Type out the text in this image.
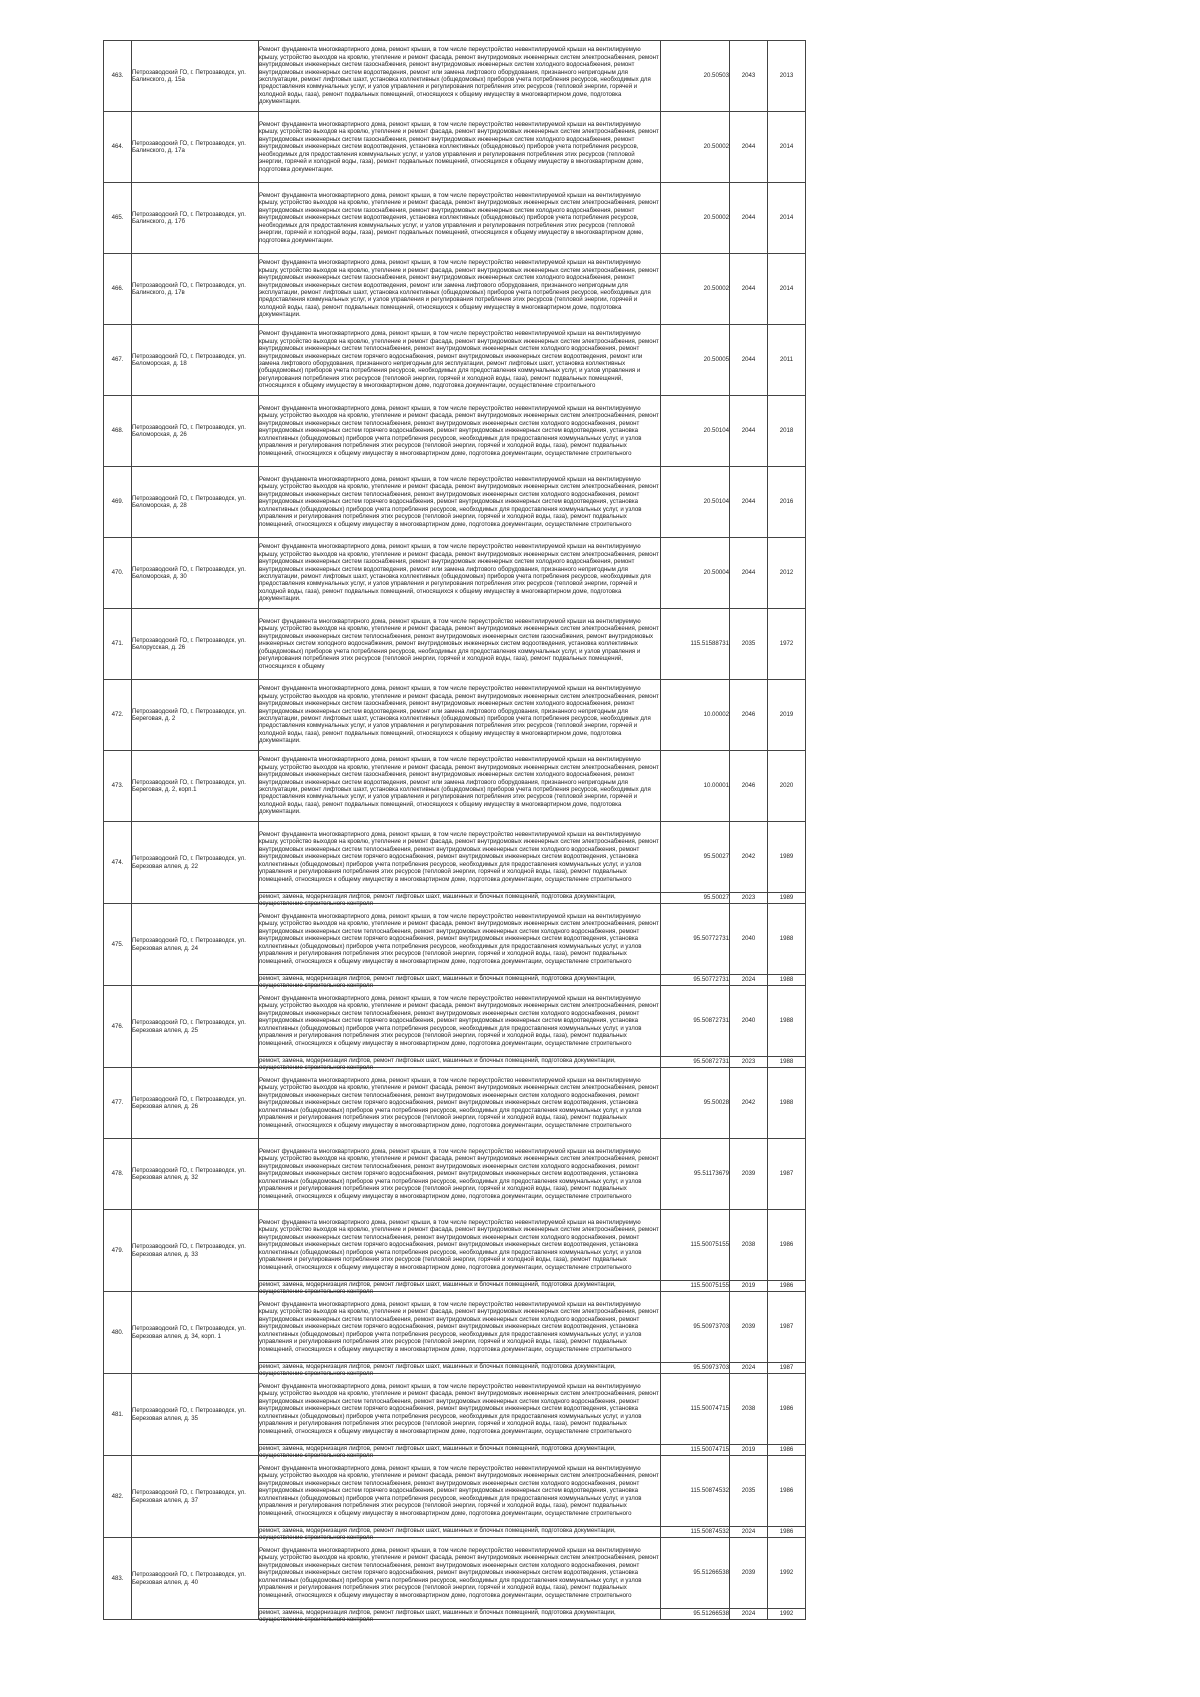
463.	Петрозаводский ГО, г. Петрозаводск, ул. Балинского, д. 15а	Ремонт фундамента многоквартирного дома, ремонт крыши, в том числе переустройство невентилируемой крыши на вентилируемую крышу, устройство выходов на кровлю, утепление и ремонт фасада, ремонт внутридомовых инженерных систем электроснабжения, ремонт внутридомовых инженерных систем газоснабжения, ремонт внутридомовых инженерных систем холодного водоснабжения, ремонт внутридомовых инженерных систем водоотведения, ремонт или замена лифтового оборудования, признанного непригодным для эксплуатации, ремонт лифтовых шахт, установка коллективных (общедомовых) приборов учета потребления ресурсов, необходимых для предоставления коммунальных услуг, и узлов управления и регулирования потребления этих ресурсов (тепловой энергии, горячей и холодной воды, газа), ремонт подвальных помещений, относящихся к общему имуществу в многоквартирном доме, подготовка документации.	20.50503	2043	2013
464.	Петрозаводский ГО, г. Петрозаводск, ул. Балинского, д. 17а	Ремонт фундамента многоквартирного дома, ремонт крыши, в том числе переустройство невентилируемой крыши на вентилируемую крышу, устройство выходов на кровлю, утепление и ремонт фасада, ремонт внутридомовых инженерных систем электроснабжения, ремонт внутридомовых инженерных систем газоснабжения, ремонт внутридомовых инженерных систем холодного водоснабжения, ремонт внутридомовых инженерных систем водоотведения, установка коллективных (общедомовых) приборов учета потребления ресурсов, необходимых для предоставления коммунальных услуг, и узлов управления и регулирования потребления этих ресурсов (тепловой энергии, горячей и холодной воды, газа), ремонт подвальных помещений, относящихся к общему имуществу в многоквартирном доме, подготовка документации.	20.50002	2044	2014
465.	Петрозаводский ГО, г. Петрозаводск, ул. Балинского, д. 17б	Ремонт фундамента многоквартирного дома, ремонт крыши, в том числе переустройство невентилируемой крыши на вентилируемую крышу, устройство выходов на кровлю, утепление и ремонт фасада, ремонт внутридомовых инженерных систем электроснабжения, ремонт внутридомовых инженерных систем газоснабжения, ремонт внутридомовых инженерных систем холодного водоснабжения, ремонт внутридомовых инженерных систем водоотведения, установка коллективных (общедомовых) приборов учета потребления ресурсов, необходимых для предоставления коммунальных услуг, и узлов управления и регулирования потребления этих ресурсов (тепловой энергии, горячей и холодной воды, газа), ремонт подвальных помещений, относящихся к общему имуществу в многоквартирном доме, подготовка документации.	20.50002	2044	2014
466.	Петрозаводский ГО, г. Петрозаводск, ул. Балинского, д. 17в	Ремонт фундамента многоквартирного дома, ремонт крыши, в том числе переустройство невентилируемой крыши на вентилируемую крышу, устройство выходов на кровлю, утепление и ремонт фасада, ремонт внутридомовых инженерных систем электроснабжения, ремонт внутридомовых инженерных систем газоснабжения, ремонт внутридомовых инженерных систем холодного водоснабжения, ремонт внутридомовых инженерных систем водоотведения, ремонт или замена лифтового оборудования, признанного непригодным для эксплуатации, ремонт лифтовых шахт, установка коллективных (общедомовых) приборов учета потребления ресурсов, необходимых для предоставления коммунальных услуг, и узлов управления и регулирования потребления этих ресурсов (тепловой энергии, горячей и холодной воды, газа), ремонт подвальных помещений, относящихся к общему имуществу в многоквартирном доме, подготовка документации.	20.50002	2044	2014
467.	Петрозаводский ГО, г. Петрозаводск, ул. Беломорская, д. 18	Ремонт фундамента многоквартирного дома, ремонт крыши, в том числе переустройство невентилируемой крыши на вентилируемую крышу, устройство выходов на кровлю, утепление и ремонт фасада, ремонт внутридомовых инженерных систем электроснабжения, ремонт внутридомовых инженерных систем теплоснабжения, ремонт внутридомовых инженерных систем холодного водоснабжения, ремонт внутридомовых инженерных систем горячего водоснабжения, ремонт внутридомовых инженерных систем водоотведения, ремонт или замена лифтового оборудования, признанного непригодным для эксплуатации, ремонт лифтовых шахт, установка коллективных (общедомовых) приборов учета потребления ресурсов, необходимых для предоставления коммунальных услуг, и узлов управления и регулирования потребления этих ресурсов (тепловой энергии, горячей и холодной воды, газа), ремонт подвальных помещений, относящихся к общему имуществу в многоквартирном доме, подготовка документации, осуществление строительного	20.50005	2044	2011
468.	Петрозаводский ГО, г. Петрозаводск, ул. Беломорская, д. 26	Ремонт фундамента многоквартирного дома, ремонт крыши, в том числе переустройство невентилируемой крыши на вентилируемую крышу, устройство выходов на кровлю, утепление и ремонт фасада, ремонт внутридомовых инженерных систем электроснабжения, ремонт внутридомовых инженерных систем теплоснабжения, ремонт внутридомовых инженерных систем холодного водоснабжения, ремонт внутридомовых инженерных систем горячего водоснабжения, ремонт внутридомовых инженерных систем водоотведения, установка коллективных (общедомовых) приборов учета потребления ресурсов, необходимых для предоставления коммунальных услуг, и узлов управления и регулирования потребления этих ресурсов (тепловой энергии, горячей и холодной воды, газа), ремонт подвальных помещений, относящихся к общему имуществу в многоквартирном доме, подготовка документации, осуществление строительного	20.50104	2044	2018
469.	Петрозаводский ГО, г. Петрозаводск, ул. Беломорская, д. 28	Ремонт фундамента многоквартирного дома, ремонт крыши, в том числе переустройство невентилируемой крыши на вентилируемую крышу, устройство выходов на кровлю, утепление и ремонт фасада, ремонт внутридомовых инженерных систем электроснабжения, ремонт внутридомовых инженерных систем теплоснабжения, ремонт внутридомовых инженерных систем холодного водоснабжения, ремонт внутридомовых инженерных систем горячего водоснабжения, ремонт внутридомовых инженерных систем водоотведения, установка коллективных (общедомовых) приборов учета потребления ресурсов, необходимых для предоставления коммунальных услуг, и узлов управления и регулирования потребления этих ресурсов (тепловой энергии, горячей и холодной воды, газа), ремонт подвальных помещений, относящихся к общему имуществу в многоквартирном доме, подготовка документации, осуществление строительного	20.50104	2044	2016
470.	Петрозаводский ГО, г. Петрозаводск, ул. Беломорская, д. 30	Ремонт фундамента многоквартирного дома, ремонт крыши, в том числе переустройство невентилируемой крыши на вентилируемую крышу, устройство выходов на кровлю, утепление и ремонт фасада, ремонт внутридомовых инженерных систем электроснабжения, ремонт внутридомовых инженерных систем газоснабжения, ремонт внутридомовых инженерных систем холодного водоснабжения, ремонт внутридомовых инженерных систем водоотведения, ремонт или замена лифтового оборудования, признанного непригодным для эксплуатации, ремонт лифтовых шахт, установка коллективных (общедомовых) приборов учета потребления ресурсов, необходимых для предоставления коммунальных услуг, и узлов управления и регулирования потребления этих ресурсов (тепловой энергии, горячей и холодной воды, газа), ремонт подвальных помещений, относящихся к общему имуществу в многоквартирном доме, подготовка документации.	20.50004	2044	2012
471.	Петрозаводский ГО, г. Петрозаводск, ул. Белорусская, д. 26	Ремонт фундамента многоквартирного дома, ремонт крыши, в том числе переустройство невентилируемой крыши на вентилируемую крышу, устройство выходов на кровлю, утепление и ремонт фасада, ремонт внутридомовых инженерных систем электроснабжения, ремонт внутридомовых инженерных систем теплоснабжения, ремонт внутридомовых инженерных систем газоснабжения, ремонт внутридомовых инженерных систем холодного водоснабжения, ремонт внутридомовых инженерных систем водоотведения, установка коллективных (общедомовых) приборов учета потребления ресурсов, необходимых для предоставления коммунальных услуг, и узлов управления и регулирования потребления этих ресурсов (тепловой энергии, горячей и холодной воды, газа), ремонт подвальных помещений, относящихся к общему	115.51588731	2035	1972
472.	Петрозаводский ГО, г. Петрозаводск, ул. Береговая, д. 2	Ремонт фундамента многоквартирного дома, ремонт крыши, в том числе переустройство невентилируемой крыши на вентилируемую крышу, устройство выходов на кровлю, утепление и ремонт фасада, ремонт внутридомовых инженерных систем электроснабжения, ремонт внутридомовых инженерных систем газоснабжения, ремонт внутридомовых инженерных систем холодного водоснабжения, ремонт внутридомовых инженерных систем водоотведения, ремонт или замена лифтового оборудования, признанного непригодным для эксплуатации, ремонт лифтовых шахт, установка коллективных (общедомовых) приборов учета потребления ресурсов, необходимых для предоставления коммунальных услуг, и узлов управления и регулирования потребления этих ресурсов (тепловой энергии, горячей и холодной воды, газа), ремонт подвальных помещений, относящихся к общему имуществу в многоквартирном доме, подготовка документации.	10.00002	2046	2019
473.	Петрозаводский ГО, г. Петрозаводск, ул. Береговая, д. 2, корп.1	Ремонт фундамента многоквартирного дома, ремонт крыши, в том числе переустройство невентилируемой крыши на вентилируемую крышу, устройство выходов на кровлю, утепление и ремонт фасада, ремонт внутридомовых инженерных систем электроснабжения, ремонт внутридомовых инженерных систем газоснабжения, ремонт внутридомовых инженерных систем холодного водоснабжения, ремонт внутридомовых инженерных систем водоотведения, ремонт или замена лифтового оборудования, признанного непригодным для эксплуатации, ремонт лифтовых шахт, установка коллективных (общедомовых) приборов учета потребления ресурсов, необходимых для предоставления коммунальных услуг, и узлов управления и регулирования потребления этих ресурсов (тепловой энергии, горячей и холодной воды, газа), ремонт подвальных помещений, относящихся к общему имуществу в многоквартирном доме, подготовка документации.	10.00001	2046	2020
474.	Петрозаводский ГО, г. Петрозаводск, ул. Березовая аллея, д. 22	Ремонт фундамента многоквартирного дома, ремонт крыши, в том числе переустройство невентилируемой крыши на вентилируемую крышу, устройство выходов на кровлю, утепление и ремонт фасада, ремонт внутридомовых инженерных систем электроснабжения, ремонт внутридомовых инженерных систем теплоснабжения, ремонт внутридомовых инженерных систем холодного водоснабжения, ремонт внутридомовых инженерных систем горячего водоснабжения, ремонт внутридомовых инженерных систем водоотведения, установка коллективных (общедомовых) приборов учета потребления ресурсов, необходимых для предоставления коммунальных услуг, и узлов управления и регулирования потребления этих ресурсов (тепловой энергии, горячей и холодной воды, газа), ремонт подвальных помещений, относящихся к общему имуществу в многоквартирном доме, подготовка документации, осуществление строительного	95.50027	2042	1989

		ремонт, замена, модернизация лифтов, ремонт лифтовых шахт, машинных и блочных помещений, подготовка документации, осуществление строительного контроля	95.50027	2023	1989
475.	Петрозаводский ГО, г. Петрозаводск, ул. Березовая аллея, д. 24	Ремонт фундамента многоквартирного дома, ремонт крыши, в том числе переустройство невентилируемой крыши на вентилируемую крышу, устройство выходов на кровлю, утепление и ремонт фасада, ремонт внутридомовых инженерных систем электроснабжения, ремонт внутридомовых инженерных систем теплоснабжения, ремонт внутридомовых инженерных систем холодного водоснабжения, ремонт внутридомовых инженерных систем горячего водоснабжения, ремонт внутридомовых инженерных систем водоотведения, установка коллективных (общедомовых) приборов учета потребления ресурсов, необходимых для предоставления коммунальных услуг, и узлов управления и регулирования потребления этих ресурсов (тепловой энергии, горячей и холодной воды, газа), ремонт подвальных помещений, относящихся к общему имуществу в многоквартирном доме, подготовка документации, осуществление строительного	95.50772731	2040	1988

		ремонт, замена, модернизация лифтов, ремонт лифтовых шахт, машинных и блочных помещений, подготовка документации, осуществление строительного контроля	95.50772731	2024	1988
476.	Петрозаводский ГО, г. Петрозаводск, ул. Березовая аллея, д. 25	Ремонт фундамента многоквартирного дома, ремонт крыши, в том числе переустройство невентилируемой крыши на вентилируемую крышу, устройство выходов на кровлю, утепление и ремонт фасада, ремонт внутридомовых инженерных систем электроснабжения, ремонт внутридомовых инженерных систем теплоснабжения, ремонт внутридомовых инженерных систем холодного водоснабжения, ремонт внутридомовых инженерных систем горячего водоснабжения, ремонт внутридомовых инженерных систем водоотведения, установка коллективных (общедомовых) приборов учета потребления ресурсов, необходимых для предоставления коммунальных услуг, и узлов управления и регулирования потребления этих ресурсов (тепловой энергии, горячей и холодной воды, газа), ремонт подвальных помещений, относящихся к общему имуществу в многоквартирном доме, подготовка документации, осуществление строительного	95.50872731	2040	1988

		ремонт, замена, модернизация лифтов, ремонт лифтовых шахт, машинных и блочных помещений, подготовка документации, осуществление строительного контроля	95.50872731	2023	1988
477.	Петрозаводский ГО, г. Петрозаводск, ул. Березовая аллея, д. 26	Ремонт фундамента многоквартирного дома, ремонт крыши, в том числе переустройство невентилируемой крыши на вентилируемую крышу, устройство выходов на кровлю, утепление и ремонт фасада, ремонт внутридомовых инженерных систем электроснабжения, ремонт внутридомовых инженерных систем теплоснабжения, ремонт внутридомовых инженерных систем холодного водоснабжения, ремонт внутридомовых инженерных систем горячего водоснабжения, ремонт внутридомовых инженерных систем водоотведения, установка коллективных (общедомовых) приборов учета потребления ресурсов, необходимых для предоставления коммунальных услуг, и узлов управления и регулирования потребления этих ресурсов (тепловой энергии, горячей и холодной воды, газа), ремонт подвальных помещений, относящихся к общему имуществу в многоквартирном доме, подготовка документации, осуществление строительного	95.50028	2042	1988
478.	Петрозаводский ГО, г. Петрозаводск, ул. Березовая аллея, д. 32	Ремонт фундамента многоквартирного дома, ремонт крыши, в том числе переустройство невентилируемой крыши на вентилируемую крышу, устройство выходов на кровлю, утепление и ремонт фасада, ремонт внутридомовых инженерных систем электроснабжения, ремонт внутридомовых инженерных систем теплоснабжения, ремонт внутридомовых инженерных систем холодного водоснабжения, ремонт внутридомовых инженерных систем горячего водоснабжения, ремонт внутридомовых инженерных систем водоотведения, установка коллективных (общедомовых) приборов учета потребления ресурсов, необходимых для предоставления коммунальных услуг, и узлов управления и регулирования потребления этих ресурсов (тепловой энергии, горячей и холодной воды, газа), ремонт подвальных помещений, относящихся к общему имуществу в многоквартирном доме, подготовка документации, осуществление строительного	95.51173679	2039	1987
479.	Петрозаводский ГО, г. Петрозаводск, ул. Березовая аллея, д. 33	Ремонт фундамента многоквартирного дома, ремонт крыши, в том числе переустройство невентилируемой крыши на вентилируемую крышу, устройство выходов на кровлю, утепление и ремонт фасада, ремонт внутридомовых инженерных систем электроснабжения, ремонт внутридомовых инженерных систем теплоснабжения, ремонт внутридомовых инженерных систем холодного водоснабжения, ремонт внутридомовых инженерных систем горячего водоснабжения, ремонт внутридомовых инженерных систем водоотведения, установка коллективных (общедомовых) приборов учета потребления ресурсов, необходимых для предоставления коммунальных услуг, и узлов управления и регулирования потребления этих ресурсов (тепловой энергии, горячей и холодной воды, газа), ремонт подвальных помещений, относящихся к общему имуществу в многоквартирном доме, подготовка документации, осуществление строительного	115.50075155	2038	1986

		ремонт, замена, модернизация лифтов, ремонт лифтовых шахт, машинных и блочных помещений, подготовка документации, осуществление строительного контроля	115.50075155	2019	1986
480.	Петрозаводский ГО, г. Петрозаводск, ул. Березовая аллея, д. 34, корп. 1	Ремонт фундамента многоквартирного дома, ремонт крыши, в том числе переустройство невентилируемой крыши на вентилируемую крышу, устройство выходов на кровлю, утепление и ремонт фасада, ремонт внутридомовых инженерных систем электроснабжения, ремонт внутридомовых инженерных систем теплоснабжения, ремонт внутридомовых инженерных систем холодного водоснабжения, ремонт внутридомовых инженерных систем горячего водоснабжения, ремонт внутридомовых инженерных систем водоотведения, установка коллективных (общедомовых) приборов учета потребления ресурсов, необходимых для предоставления коммунальных услуг, и узлов управления и регулирования потребления этих ресурсов (тепловой энергии, горячей и холодной воды, газа), ремонт подвальных помещений, относящихся к общему имуществу в многоквартирном доме, подготовка документации, осуществление строительного	95.50973703	2039	1987

		ремонт, замена, модернизация лифтов, ремонт лифтовых шахт, машинных и блочных помещений, подготовка документации, осуществление строительного контроля	95.50973703	2024	1987
481.	Петрозаводский ГО, г. Петрозаводск, ул. Березовая аллея, д. 35	Ремонт фундамента многоквартирного дома, ремонт крыши, в том числе переустройство невентилируемой крыши на вентилируемую крышу, устройство выходов на кровлю, утепление и ремонт фасада, ремонт внутридомовых инженерных систем электроснабжения, ремонт внутридомовых инженерных систем теплоснабжения, ремонт внутридомовых инженерных систем холодного водоснабжения, ремонт внутридомовых инженерных систем горячего водоснабжения, ремонт внутридомовых инженерных систем водоотведения, установка коллективных (общедомовых) приборов учета потребления ресурсов, необходимых для предоставления коммунальных услуг, и узлов управления и регулирования потребления этих ресурсов (тепловой энергии, горячей и холодной воды, газа), ремонт подвальных помещений, относящихся к общему имуществу в многоквартирном доме, подготовка документации, осуществление строительного	115.50074715	2038	1986

		ремонт, замена, модернизация лифтов, ремонт лифтовых шахт, машинных и блочных помещений, подготовка документации, осуществление строительного контроля	115.50074715	2019	1986
482.	Петрозаводский ГО, г. Петрозаводск, ул. Березовая аллея, д. 37	Ремонт фундамента многоквартирного дома, ремонт крыши, в том числе переустройство невентилируемой крыши на вентилируемую крышу, устройство выходов на кровлю, утепление и ремонт фасада, ремонт внутридомовых инженерных систем электроснабжения, ремонт внутридомовых инженерных систем теплоснабжения, ремонт внутридомовых инженерных систем холодного водоснабжения, ремонт внутридомовых инженерных систем горячего водоснабжения, ремонт внутридомовых инженерных систем водоотведения, установка коллективных (общедомовых) приборов учета потребления ресурсов, необходимых для предоставления коммунальных услуг, и узлов управления и регулирования потребления этих ресурсов (тепловой энергии, горячей и холодной воды, газа), ремонт подвальных помещений, относящихся к общему имуществу в многоквартирном доме, подготовка документации, осуществление строительного	115.50874532	2035	1986

		ремонт, замена, модернизация лифтов, ремонт лифтовых шахт, машинных и блочных помещений, подготовка документации, осуществление строительного контроля	115.50874532	2024	1986
483.	Петрозаводский ГО, г. Петрозаводск, ул. Березовая аллея, д. 40	Ремонт фундамента многоквартирного дома, ремонт крыши, в том числе переустройство невентилируемой крыши на вентилируемую крышу, устройство выходов на кровлю, утепление и ремонт фасада, ремонт внутридомовых инженерных систем электроснабжения, ремонт внутридомовых инженерных систем теплоснабжения, ремонт внутридомовых инженерных систем холодного водоснабжения, ремонт внутридомовых инженерных систем горячего водоснабжения, ремонт внутридомовых инженерных систем водоотведения, установка коллективных (общедомовых) приборов учета потребления ресурсов, необходимых для предоставления коммунальных услуг, и узлов управления и регулирования потребления этих ресурсов (тепловой энергии, горячей и холодной воды, газа), ремонт подвальных помещений, относящихся к общему имуществу в многоквартирном доме, подготовка документации, осуществление строительного	95.51266538	2039	1992

		ремонт, замена, модернизация лифтов, ремонт лифтовых шахт, машинных и блочных помещений, подготовка документации, осуществление строительного контроля	95.51266538	2024	1992
